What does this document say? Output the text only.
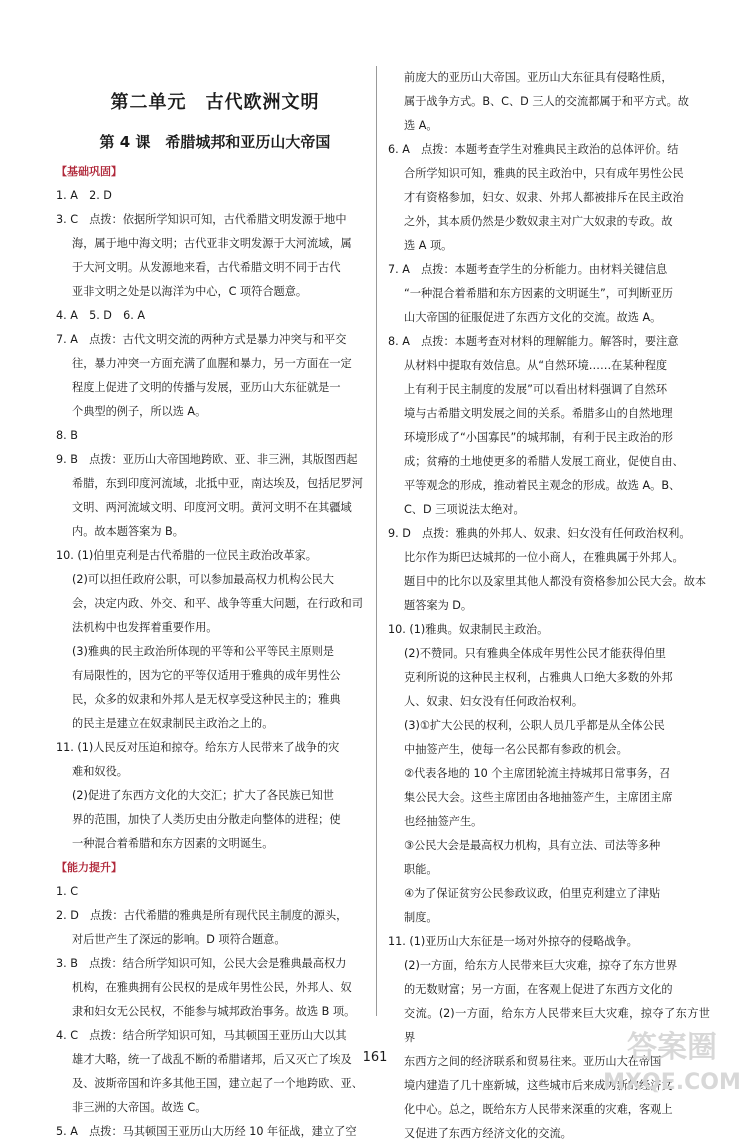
第二单元　古代欧洲文明
第 4 课　希腊城邦和亚历山大帝国
【基础巩固】
1. A　2. D
3. C　点拨：依据所学知识可知，古代希腊文明发源于地中
海，属于地中海文明；古代亚非文明发源于大河流域，属
于大河文明。从发源地来看，古代希腊文明不同于古代
亚非文明之处是以海洋为中心，C 项符合题意。
4. A　5. D　6. A
7. A　点拨：古代文明交流的两种方式是暴力冲突与和平交
往，暴力冲突一方面充满了血腥和暴力，另一方面在一定
程度上促进了文明的传播与发展，亚历山大东征就是一
个典型的例子，所以选 A。
8. B
9. B　点拨：亚历山大帝国地跨欧、亚、非三洲，其版图西起
希腊，东到印度河流域，北抵中亚，南达埃及，包括尼罗河
文明、两河流域文明、印度河文明。黄河文明不在其疆域
内。故本题答案为 B。
10. (1)伯里克利是古代希腊的一位民主政治改革家。
(2)可以担任政府公职，可以参加最高权力机构公民大
会，决定内政、外交、和平、战争等重大问题，在行政和司
法机构中也发挥着重要作用。
(3)雅典的民主政治所体现的平等和公平等民主原则是
有局限性的，因为它的平等仅适用于雅典的成年男性公
民，众多的奴隶和外邦人是无权享受这种民主的；雅典
的民主是建立在奴隶制民主政治之上的。
11. (1)人民反对压迫和掠夺。给东方人民带来了战争的灾
难和奴役。
(2)促进了东西方文化的大交汇；扩大了各民族已知世
界的范围，加快了人类历史由分散走向整体的进程；使
一种混合着希腊和东方因素的文明诞生。
【能力提升】
1. C
2. D　点拨：古代希腊的雅典是所有现代民主制度的源头，
对后世产生了深远的影响。D 项符合题意。
3. B　点拨：结合所学知识可知，公民大会是雅典最高权力
机构，在雅典拥有公民权的是成年男性公民，外邦人、奴
隶和妇女无公民权，不能参与城邦政治事务。故选 B 项。
4. C　点拨：结合所学知识可知，马其顿国王亚历山大以其
雄才大略，统一了战乱不断的希腊诸邦，后又灭亡了埃及
及、波斯帝国和许多其他王国，建立起了一个地跨欧、亚、
非三洲的大帝国。故选 C。
5. A　点拨：马其顿国王亚历山大历经 10 年征战，建立了空
前庞大的亚历山大帝国。亚历山大东征具有侵略性质，
属于战争方式。B、C、D 三人的交流都属于和平方式。故
选 A。
6. A　点拨：本题考查学生对雅典民主政治的总体评价。结
合所学知识可知，雅典的民主政治中，只有成年男性公民
才有资格参加，妇女、奴隶、外邦人都被排斥在民主政治
之外，其本质仍然是少数奴隶主对广大奴隶的专政。故
选 A 项。
7. A　点拨：本题考查学生的分析能力。由材料关键信息
“一种混合着希腊和东方因素的文明诞生”，可判断亚历
山大帝国的征服促进了东西方文化的交流。故选 A。
8. A　点拨：本题考查对材料的理解能力。解答时，要注意
从材料中提取有效信息。从“自然环境……在某种程度
上有利于民主制度的发展”可以看出材料强调了自然环
境与古希腊文明发展之间的关系。希腊多山的自然地理
环境形成了“小国寡民”的城邦制，有利于民主政治的形
成；贫瘠的土地使更多的希腊人发展工商业，促使自由、
平等观念的形成，推动着民主观念的形成。故选 A。B、
C、D 三项说法太绝对。
9. D　点拨：雅典的外邦人、奴隶、妇女没有任何政治权利。
比尔作为斯巴达城邦的一位小商人，在雅典属于外邦人。
题目中的比尔以及家里其他人都没有资格参加公民大会。故本
题答案为 D。
10. (1)雅典。奴隶制民主政治。
(2)不赞同。只有雅典全体成年男性公民才能获得伯里
克利所说的这种民主权利，占雅典人口绝大多数的外邦
人、奴隶、妇女没有任何政治权利。
(3)①扩大公民的权利，公职人员几乎都是从全体公民
中抽签产生，使每一名公民都有参政的机会。
②代表各地的 10 个主席团轮流主持城邦日常事务，召
集公民大会。这些主席团由各地抽签产生，主席团主席
也经抽签产生。
③公民大会是最高权力机构，具有立法、司法等多种
职能。
④为了保证贫穷公民参政议政，伯里克利建立了津贴
制度。
11. (1)亚历山大东征是一场对外掠夺的侵略战争。
(2)一方面，给东方人民带来巨大灾难，掠夺了东方世界
的无数财富；另一方面，在客观上促进了东西方文化的
交流。(2)一方面，给东方人民带来巨大灾难，掠夺了东方世界
东西方之间的经济联系和贸易往来。亚历山大在帝国
境内建造了几十座新城，这些城市后来成为新的经济文
化中心。总之，既给东方人民带来深重的灾难，客观上
又促进了东西方经济文化的交流。
161	答案圈
MXQE.COM
